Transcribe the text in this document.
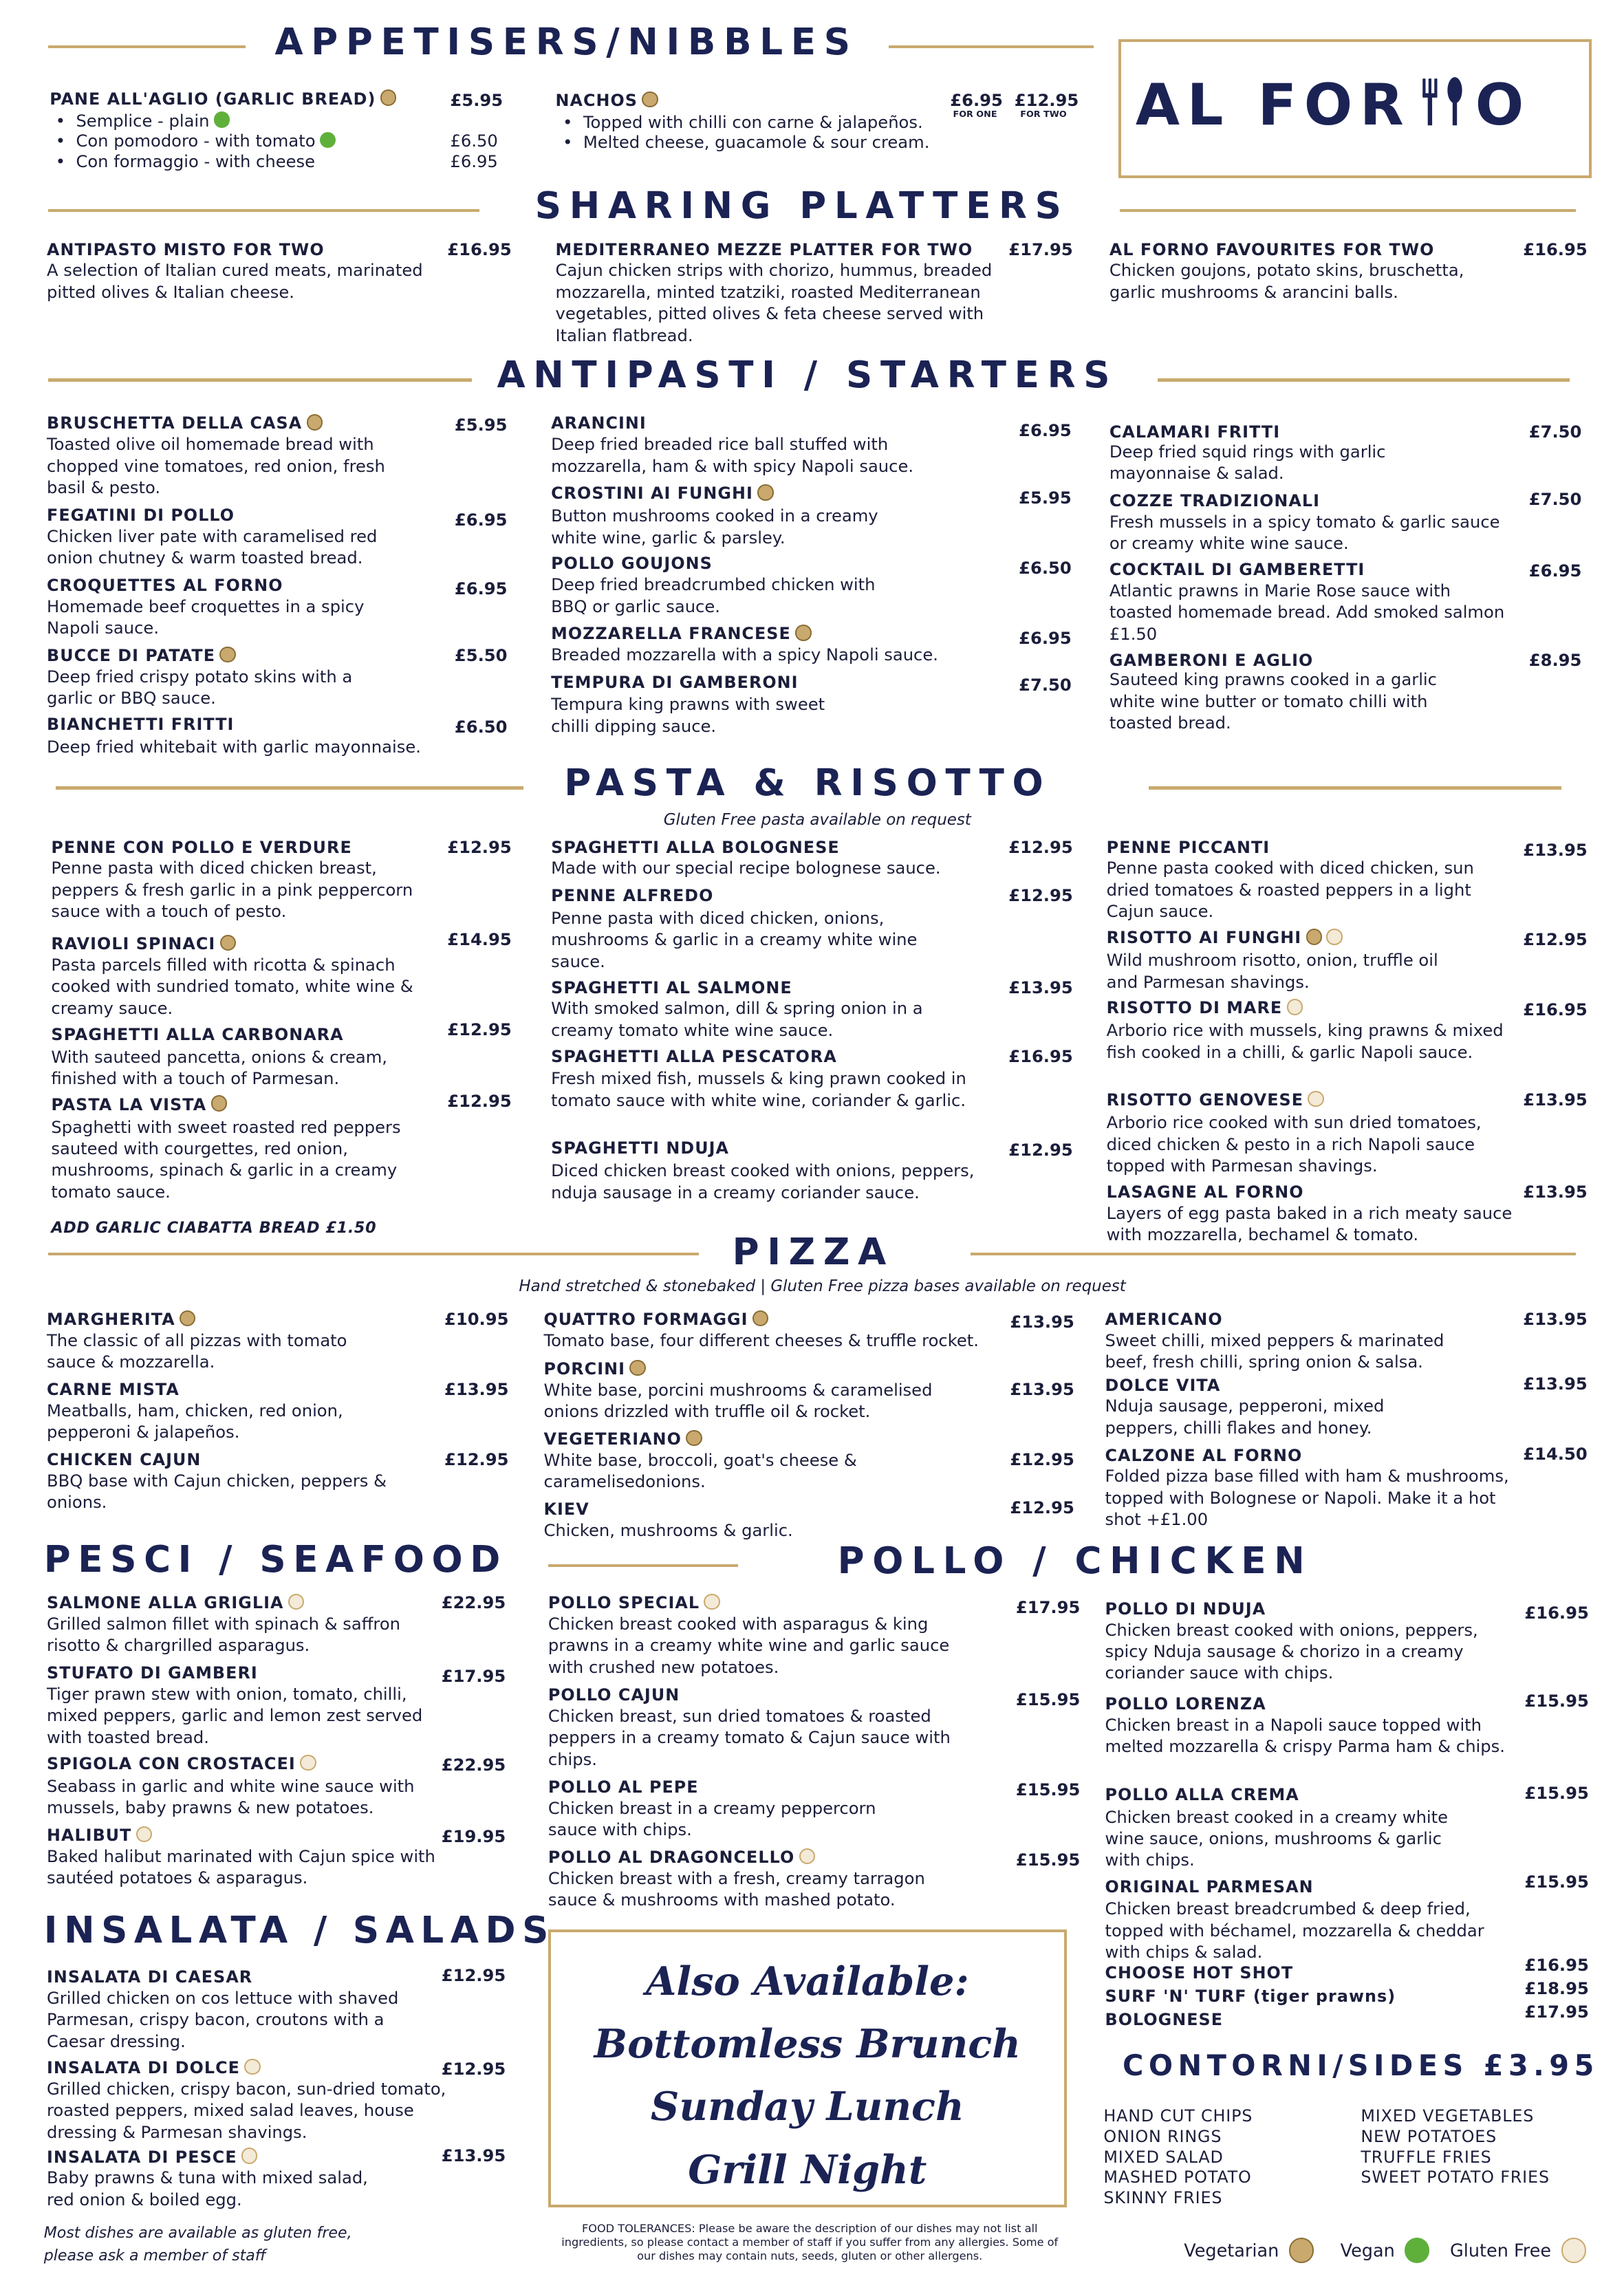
APPETISERS/NIBBLES
PANE ALL'AGLIO (GARLIC BREAD)	£5.95
•  Semplice - plain
•  Con pomodoro - with tomato	£6.50
•  Con formaggio - with cheese	£6.95
NACHOS
•  Topped with chilli con carne & jalapeños.
•  Melted cheese, guacamole & sour cream.
£6.95
FOR ONE
£12.95
FOR TWO	AL FOR O
SHARING PLATTERS
ANTIPASTO MISTO FOR TWO	£16.95
A selection of Italian cured meats, marinated pitted olives & Italian cheese.
MEDITERRANEO MEZZE PLATTER FOR TWO	£17.95
Cajun chicken strips with chorizo, hummus, breaded mozzarella, minted tzatziki, roasted Mediterranean vegetables, pitted olives & feta cheese served with Italian flatbread.
AL FORNO FAVOURITES FOR TWO	£16.95
Chicken goujons, potato skins, bruschetta, garlic mushrooms & arancini balls.
ANTIPASTI / STARTERS
BRUSCHETTA DELLA CASA	£5.95
Toasted olive oil homemade bread with chopped vine tomatoes, red onion, fresh basil & pesto.
FEGATINI DI POLLO	£6.95
Chicken liver pate with caramelised red onion chutney & warm toasted bread.
CROQUETTES AL FORNO	£6.95
Homemade beef croquettes in a spicy Napoli sauce.
BUCCE DI PATATE	£5.50
Deep fried crispy potato skins with a garlic or BBQ sauce.
BIANCHETTI FRITTI	£6.50
Deep fried whitebait with garlic mayonnaise.
ARANCINI	£6.95
Deep fried breaded rice ball stuffed with mozzarella, ham & with spicy Napoli sauce.
CROSTINI AI FUNGHI	£5.95
Button mushrooms cooked in a creamy white wine, garlic & parsley.
POLLO GOUJONS	£6.50
Deep fried breadcrumbed chicken with BBQ or garlic sauce.
MOZZARELLA FRANCESE	£6.95
Breaded mozzarella with a spicy Napoli sauce.
TEMPURA DI GAMBERONI	£7.50
Tempura king prawns with sweet chilli dipping sauce.
CALAMARI FRITTI	£7.50
Deep fried squid rings with garlic mayonnaise & salad.
COZZE TRADIZIONALI	£7.50
Fresh mussels in a spicy tomato & garlic sauce or creamy white wine sauce.
COCKTAIL DI GAMBERETTI	£6.95
Atlantic prawns in Marie Rose sauce with toasted homemade bread. Add smoked salmon £1.50
GAMBERONI E AGLIO	£8.95
Sauteed king prawns cooked in a garlic white wine butter or tomato chilli with toasted bread.
PASTA & RISOTTO
Gluten Free pasta available on request
PENNE CON POLLO E VERDURE	£12.95
Penne pasta with diced chicken breast, peppers & fresh garlic in a pink peppercorn sauce with a touch of pesto.
RAVIOLI SPINACI	£14.95
Pasta parcels filled with ricotta & spinach cooked with sundried tomato, white wine & creamy sauce.
SPAGHETTI ALLA CARBONARA	£12.95
With sauteed pancetta, onions & cream, finished with a touch of Parmesan.
PASTA LA VISTA	£12.95
Spaghetti with sweet roasted red peppers sauteed with courgettes, red onion, mushrooms, spinach & garlic in a creamy tomato sauce.
ADD GARLIC CIABATTA BREAD £1.50
SPAGHETTI ALLA BOLOGNESE	£12.95
Made with our special recipe bolognese sauce.
PENNE ALFREDO	£12.95
Penne pasta with diced chicken, onions, mushrooms & garlic in a creamy white wine sauce.
SPAGHETTI AL SALMONE	£13.95
With smoked salmon, dill & spring onion in a creamy tomato white wine sauce.
SPAGHETTI ALLA PESCATORA	£16.95
Fresh mixed fish, mussels & king prawn cooked in tomato sauce with white wine, coriander & garlic.
SPAGHETTI NDUJA	£12.95
Diced chicken breast cooked with onions, peppers, nduja sausage in a creamy coriander sauce.
PENNE PICCANTI	£13.95
Penne pasta cooked with diced chicken, sun dried tomatoes & roasted peppers in a light Cajun sauce.
RISOTTO AI FUNGHI	£12.95
Wild mushroom risotto, onion, truffle oil and Parmesan shavings.
RISOTTO DI MARE	£16.95
Arborio rice with mussels, king prawns & mixed fish cooked in a chilli, & garlic Napoli sauce.
RISOTTO GENOVESE	£13.95
Arborio rice cooked with sun dried tomatoes, diced chicken & pesto in a rich Napoli sauce topped with Parmesan shavings.
LASAGNE AL FORNO	£13.95
Layers of egg pasta baked in a rich meaty sauce with mozzarella, bechamel & tomato.
PIZZA
Hand stretched & stonebaked | Gluten Free pizza bases available on request
MARGHERITA	£10.95
The classic of all pizzas with tomato sauce & mozzarella.
CARNE MISTA	£13.95
Meatballs, ham, chicken, red onion, pepperoni & jalapeños.
CHICKEN CAJUN	£12.95
BBQ base with Cajun chicken, peppers & onions.
QUATTRO FORMAGGI	£13.95
Tomato base, four different cheeses & truffle rocket.
PORCINI
£13.95
White base, porcini mushrooms & caramelised onions drizzled with truffle oil & rocket.
VEGETERIANO
£12.95
White base, broccoli, goat's cheese & caramelisedonions.
KIEV	£12.95
Chicken, mushrooms & garlic.
AMERICANO	£13.95
Sweet chilli, mixed peppers & marinated beef, fresh chilli, spring onion & salsa.
DOLCE VITA	£13.95
Nduja sausage, pepperoni, mixed peppers, chilli flakes and honey.
CALZONE AL FORNO	£14.50
Folded pizza base filled with ham & mushrooms, topped with Bolognese or Napoli. Make it a hot shot +£1.00
PESCI / SEAFOOD
SALMONE ALLA GRIGLIA	£22.95
Grilled salmon fillet with spinach & saffron risotto & chargrilled asparagus.
STUFATO DI GAMBERI	£17.95
Tiger prawn stew with onion, tomato, chilli, mixed peppers, garlic and lemon zest served with toasted bread.
SPIGOLA CON CROSTACEI	£22.95
Seabass in garlic and white wine sauce with mussels, baby prawns & new potatoes.
HALIBUT	£19.95
Baked halibut marinated with Cajun spice with sautéed potatoes & asparagus.
POLLO / CHICKEN
POLLO SPECIAL	£17.95
Chicken breast cooked with asparagus & king prawns in a creamy white wine and garlic sauce with crushed new potatoes.
POLLO CAJUN	£15.95
Chicken breast, sun dried tomatoes & roasted peppers in a creamy tomato & Cajun sauce with chips.
POLLO AL PEPE	£15.95
Chicken breast in a creamy peppercorn sauce with chips.
POLLO AL DRAGONCELLO	£15.95
Chicken breast with a fresh, creamy tarragon sauce & mushrooms with mashed potato.
POLLO DI NDUJA	£16.95
Chicken breast cooked with onions, peppers, spicy Nduja sausage & chorizo in a creamy coriander sauce with chips.
POLLO LORENZA	£15.95
Chicken breast in a Napoli sauce topped with melted mozzarella & crispy Parma ham & chips.
POLLO ALLA CREMA	£15.95
Chicken breast cooked in a creamy white wine sauce, onions, mushrooms & garlic with chips.
ORIGINAL PARMESAN	£15.95
Chicken breast breadcrumbed & deep fried, topped with béchamel, mozzarella & cheddar with chips & salad.
CHOOSE HOT SHOT	£16.95
SURF 'N' TURF (tiger prawns)	£18.95
BOLOGNESE	£17.95
INSALATA / SALADS
INSALATA DI CAESAR	£12.95
Grilled chicken on cos lettuce with shaved Parmesan, crispy bacon, croutons with a Caesar dressing.
INSALATA DI DOLCE	£12.95
Grilled chicken, crispy bacon, sun-dried tomato, roasted peppers, mixed salad leaves, house dressing & Parmesan shavings.
INSALATA DI PESCE	£13.95
Baby prawns & tuna with mixed salad, red onion & boiled egg.
Most dishes are available as gluten free, please ask a member of staff
Also Available:
Bottomless Brunch
Sunday Lunch
Grill Night
FOOD TOLERANCES: Please be aware the description of our dishes may not list all ingredients, so please contact a member of staff if you suffer from any allergies. Some of our dishes may contain nuts, seeds, gluten or other allergens.
CONTORNI/SIDES £3.95
HAND CUT CHIPS
ONION RINGS
MIXED SALAD
MASHED POTATO
SKINNY FRIES
MIXED VEGETABLES
NEW POTATOES
TRUFFLE FRIES
SWEET POTATO FRIES
Vegetarian	Vegan	Gluten Free
